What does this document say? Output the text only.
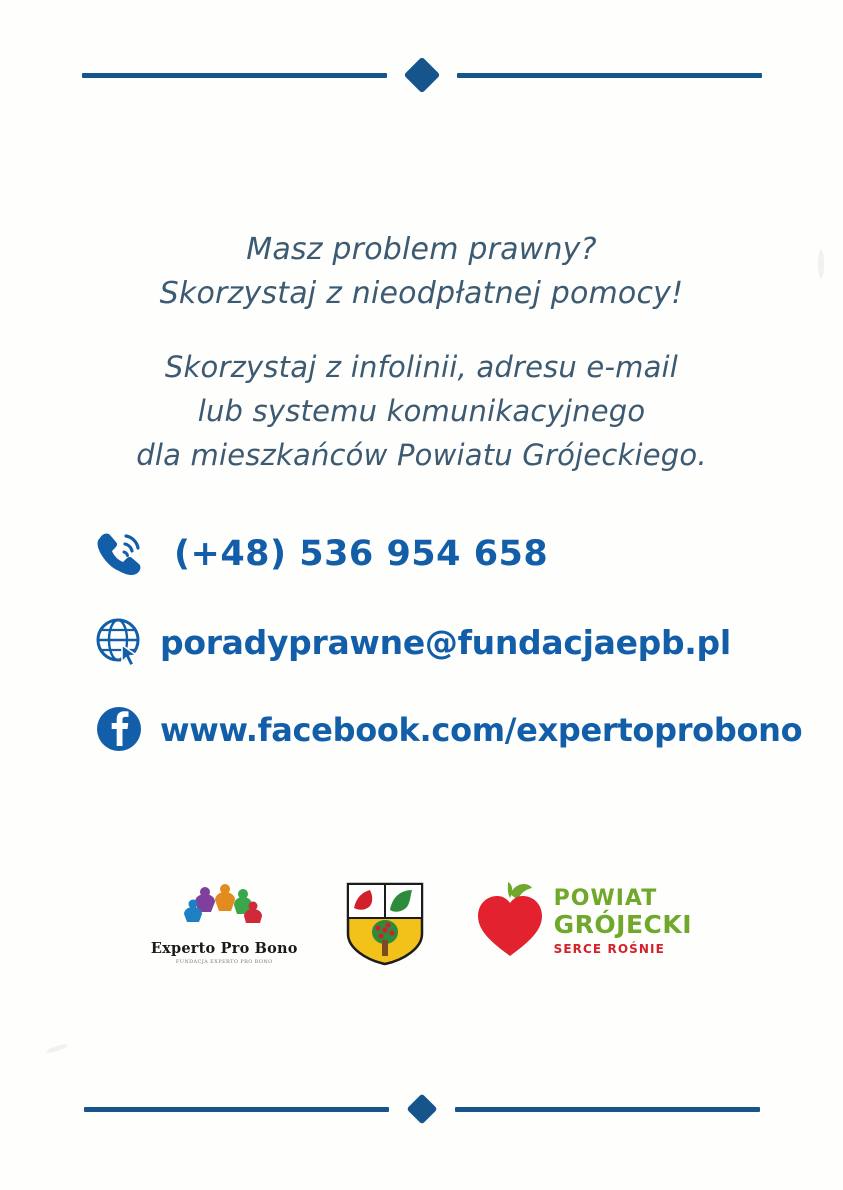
Masz problem prawny?
Skorzystaj z nieodpłatnej pomocy!
Skorzystaj z infolinii, adresu e-mail
lub systemu komunikacyjnego
dla mieszkańców Powiatu Grójeckiego.
(+48) 536 954 658
poradyprawne@fundacjaepb.pl
www.facebook.com/expertoprobono
Experto Pro Bono
FUNDACJA EXPERTO PRO BONO
POWIAT
GRÓJECKI
SERCE ROŚNIE
